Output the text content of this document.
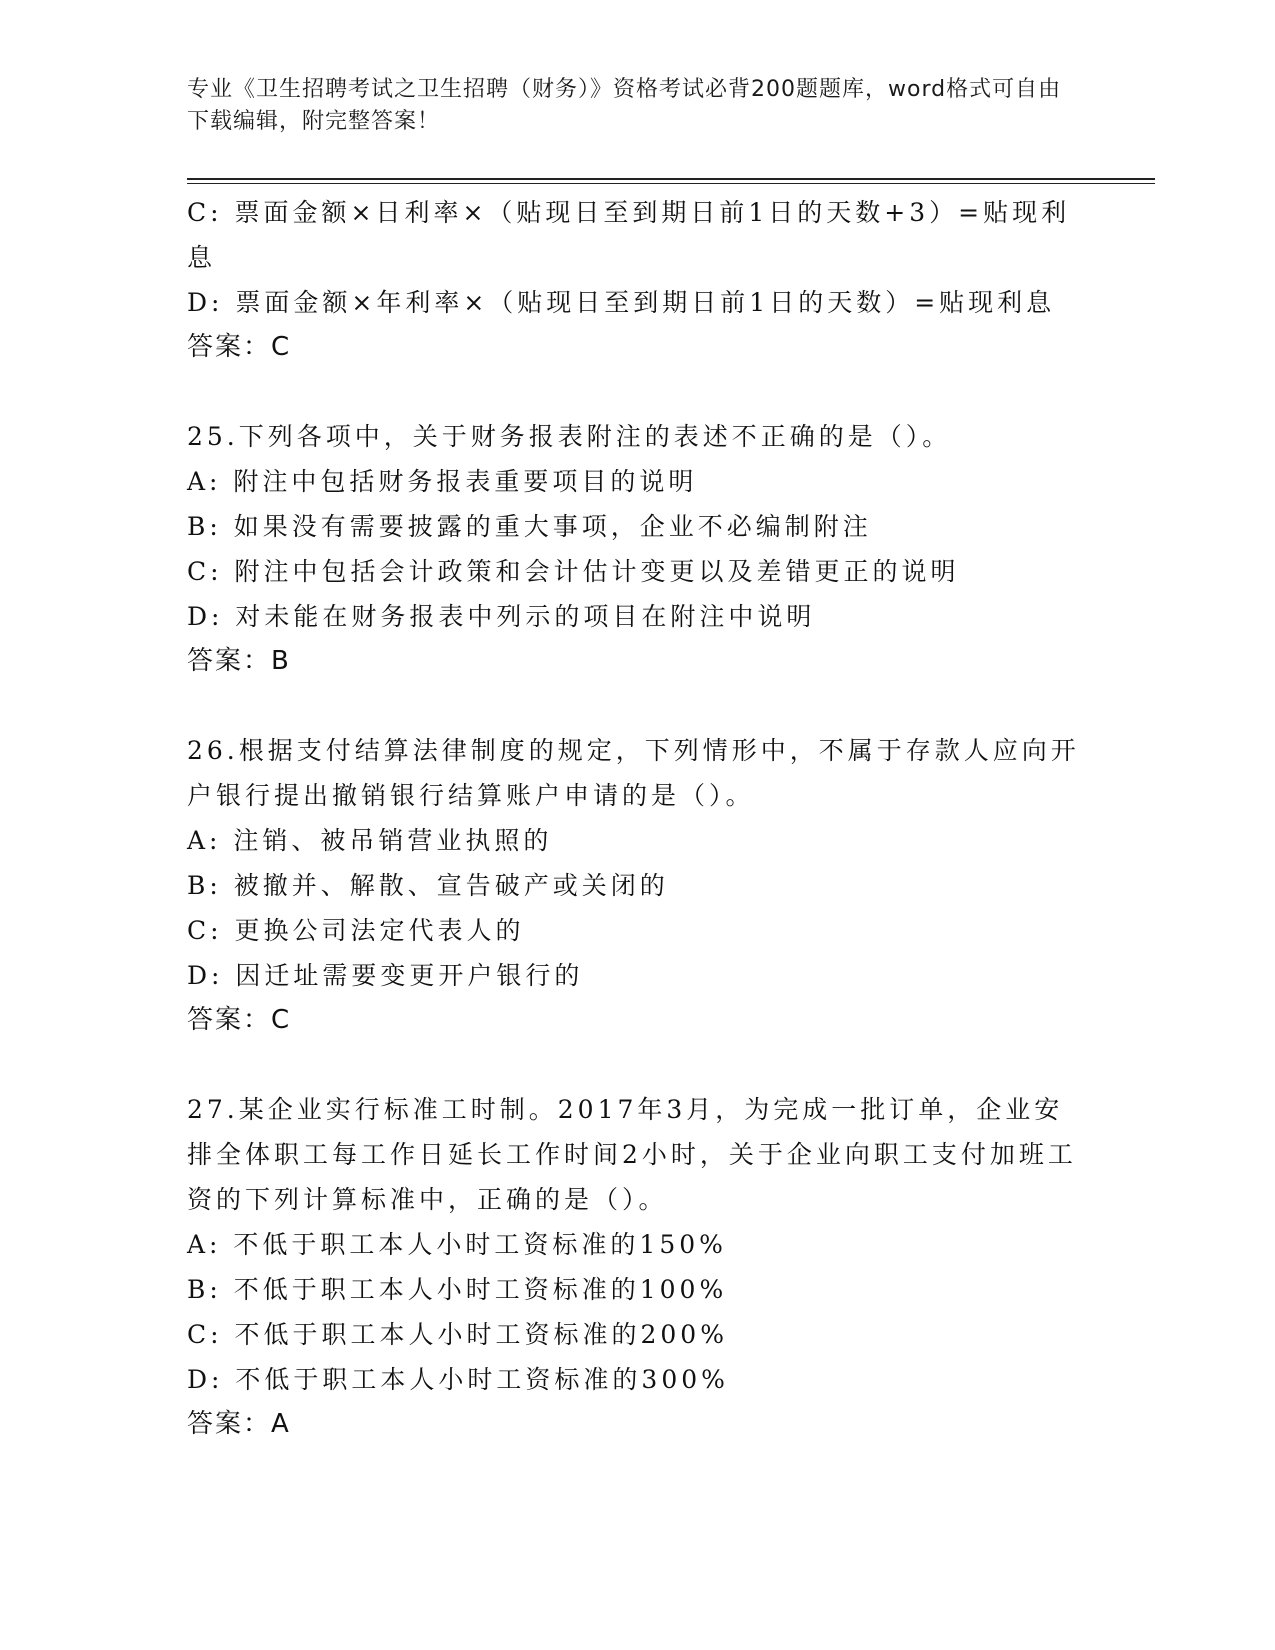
专业《卫生招聘考试之卫生招聘（财务）》资格考试必背200题题库，word格式可自由下载编辑，附完整答案！
C: 票面金额×日利率×（贴现日至到期日前1日的天数+3）=贴现利息
D: 票面金额×年利率×（贴现日至到期日前1日的天数）=贴现利息
答案：C
25.下列各项中，关于财务报表附注的表述不正确的是（）。
A: 附注中包括财务报表重要项目的说明
B: 如果没有需要披露的重大事项，企业不必编制附注
C: 附注中包括会计政策和会计估计变更以及差错更正的说明
D: 对未能在财务报表中列示的项目在附注中说明
答案：B
26.根据支付结算法律制度的规定，下列情形中，不属于存款人应向开户银行提出撤销银行结算账户申请的是（）。
A: 注销、被吊销营业执照的
B: 被撤并、解散、宣告破产或关闭的
C: 更换公司法定代表人的
D: 因迁址需要变更开户银行的
答案：C
27.某企业实行标准工时制。2017年3月，为完成一批订单，企业安排全体职工每工作日延长工作时间2小时，关于企业向职工支付加班工资的下列计算标准中，正确的是（）。
A: 不低于职工本人小时工资标准的150%
B: 不低于职工本人小时工资标准的100%
C: 不低于职工本人小时工资标准的200%
D: 不低于职工本人小时工资标准的300%
答案：A
